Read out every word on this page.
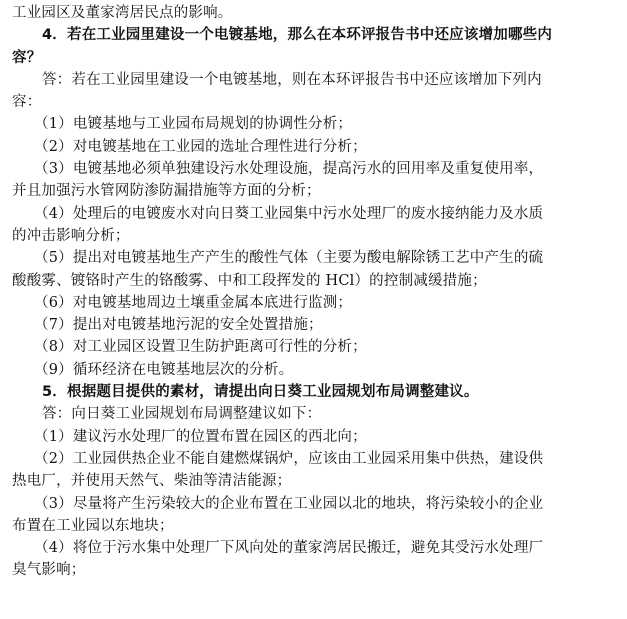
工业园区及董家湾居民点的影响。
4．若在工业园里建设一个电镀基地，那么在本环评报告书中还应该增加哪些内
容？
答：若在工业园里建设一个电镀基地，则在本环评报告书中还应该增加下列内
容：
（1）电镀基地与工业园布局规划的协调性分析；
（2）对电镀基地在工业园的选址合理性进行分析；
（3）电镀基地必须单独建设污水处理设施，提高污水的回用率及重复使用率，
并且加强污水管网防渗防漏措施等方面的分析；
（4）处理后的电镀废水对向日葵工业园集中污水处理厂的废水接纳能力及水质
的冲击影响分析；
（5）提出对电镀基地生产产生的酸性气体（主要为酸电解除锈工艺中产生的硫
酸酸雾、镀铬时产生的铬酸雾、中和工段挥发的 HCl）的控制减缓措施；
（6）对电镀基地周边土壤重金属本底进行监测；
（7）提出对电镀基地污泥的安全处置措施；
（8）对工业园区设置卫生防护距离可行性的分析；
（9）循环经济在电镀基地层次的分析。
5．根据题目提供的素材，请提出向日葵工业园规划布局调整建议。
答：向日葵工业园规划布局调整建议如下：
（1）建议污水处理厂的位置布置在园区的西北向；
（2）工业园供热企业不能自建燃煤锅炉，应该由工业园采用集中供热，建设供
热电厂，并使用天然气、柴油等清洁能源；
（3）尽量将产生污染较大的企业布置在工业园以北的地块，将污染较小的企业
布置在工业园以东地块；
（4）将位于污水集中处理厂下风向处的董家湾居民搬迁，避免其受污水处理厂
臭气影响；
